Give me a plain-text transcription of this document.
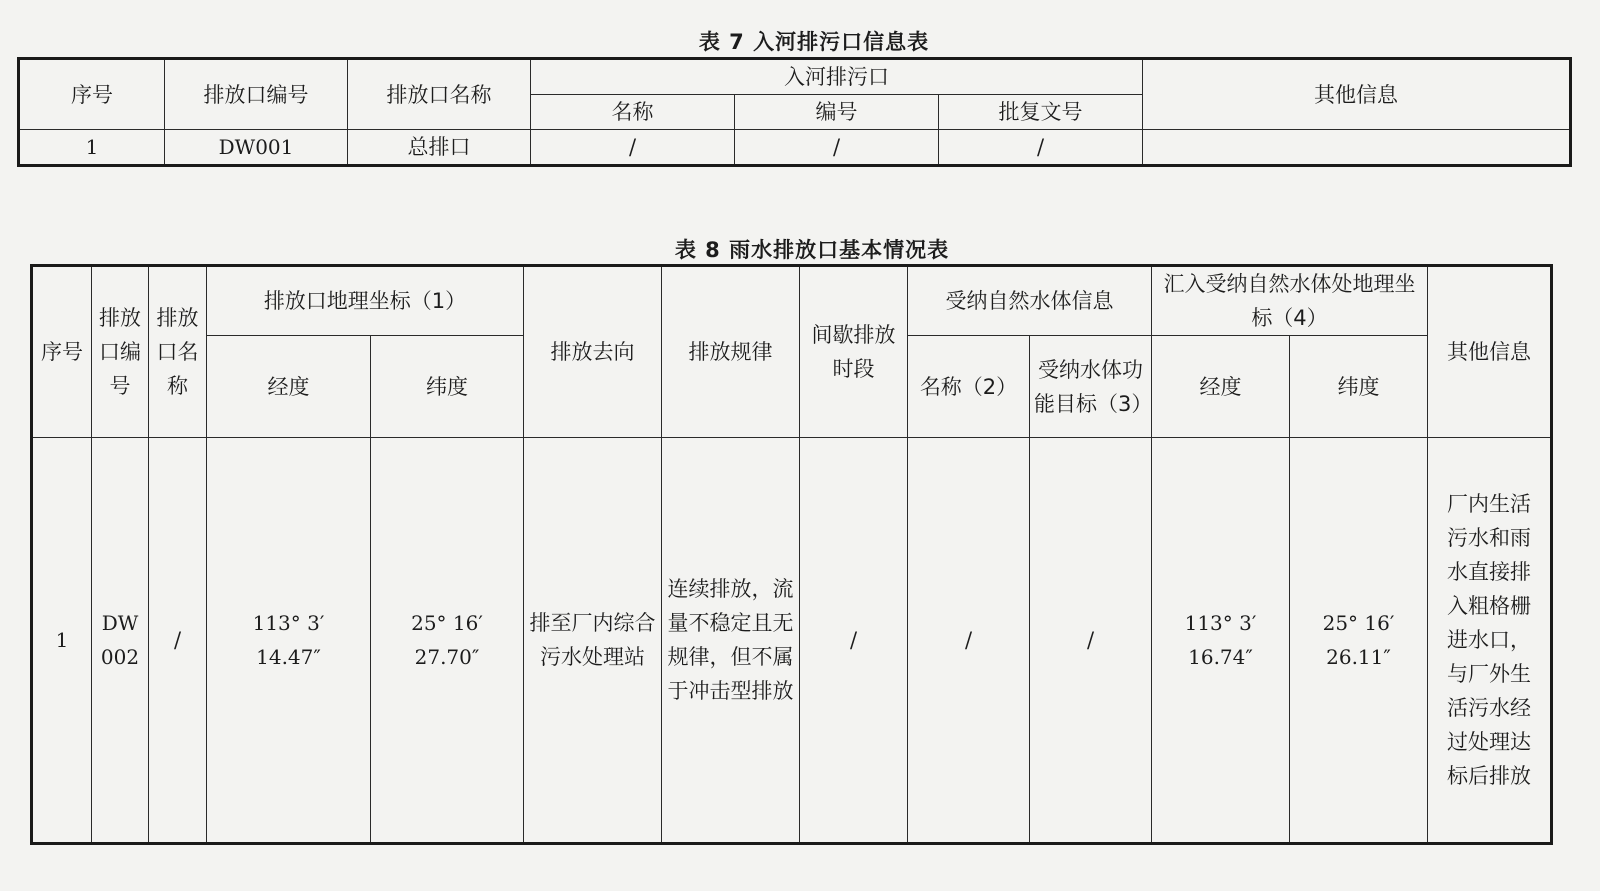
表 7 入河排污口信息表
序号	排放口编号	排放口名称	入河排污口			其他信息
			名称	编号	批复文号	
1	DW001	总排口	/	/	/	
表 8 雨水排放口基本情况表
序号	排放口编号	排放口名称	排放口地理坐标（1）		排放去向	排放规律	间歇排放时段	受纳自然水体信息		汇入受纳自然水体处地理坐标（4）		其他信息
			经度	纬度				名称（2）	受纳水体功能目标（3）	经度	纬度	
1	DW002	/	113° 3′ 14.47″	25° 16′ 27.70″	排至厂内综合污水处理站	连续排放，流量不稳定且无规律，但不属于冲击型排放	/	/	/	113° 3′ 16.74″	25° 16′ 26.11″	厂内生活污水和雨水直接排入粗格栅进水口，与厂外生活污水经过处理达标后排放
